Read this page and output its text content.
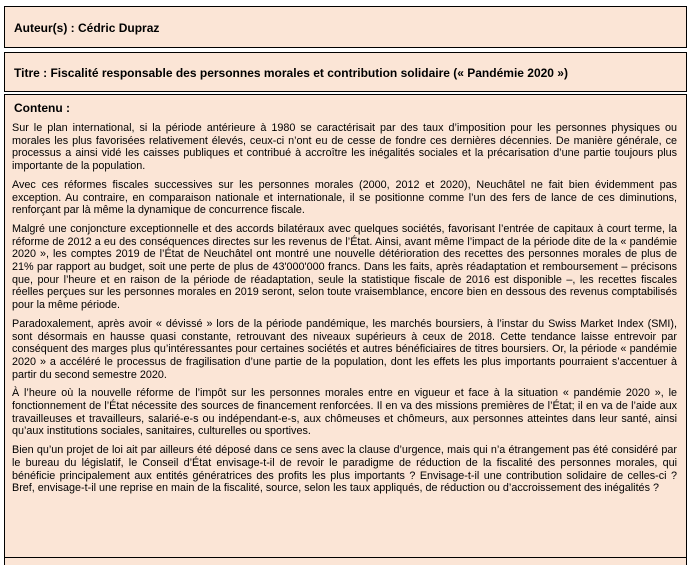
Auteur(s) : Cédric Dupraz
Titre : Fiscalité responsable des personnes morales et contribution solidaire (« Pandémie 2020 »)
Contenu :

Sur le plan international, si la période antérieure à 1980 se caractérisait par des taux d’imposition pour les personnes physiques ou morales les plus favorisées relativement élevés, ceux-ci n’ont eu de cesse de fondre ces dernières décennies. De manière générale, ce processus a ainsi vidé les caisses publiques et contribué à accroître les inégalités sociales et la précarisation d’une partie toujours plus importante de la population.

Avec ces réformes fiscales successives sur les personnes morales (2000, 2012 et 2020), Neuchâtel ne fait bien évidemment pas exception. Au contraire, en comparaison nationale et internationale, il se positionne comme l’un des fers de lance de ces diminutions, renforçant par là même la dynamique de concurrence fiscale.

Malgré une conjoncture exceptionnelle et des accords bilatéraux avec quelques sociétés, favorisant l’entrée de capitaux à court terme, la réforme de 2012 a eu des conséquences directes sur les revenus de l’État. Ainsi, avant même l’impact de la période dite de la « pandémie 2020 », les comptes 2019 de l’État de Neuchâtel ont montré une nouvelle détérioration des recettes des personnes morales de plus de 21% par rapport au budget, soit une perte de plus de 43'000'000 francs. Dans les faits, après réadaptation et remboursement – précisons que, pour l’heure et en raison de la période de réadaptation, seule la statistique fiscale de 2016 est disponible –, les recettes fiscales réelles perçues sur les personnes morales en 2019 seront, selon toute vraisemblance, encore bien en dessous des revenus comptabilisés pour la même période.

Paradoxalement, après avoir « dévissé » lors de la période pandémique, les marchés boursiers, à l’instar du Swiss Market Index (SMI), sont désormais en hausse quasi constante, retrouvant des niveaux supérieurs à ceux de 2018. Cette tendance laisse entrevoir par conséquent des marges plus qu’intéressantes pour certaines sociétés et autres bénéficiaires de titres boursiers. Or, la période « pandémie 2020 » a accéléré le processus de fragilisation d’une partie de la population, dont les effets les plus importants pourraient s’accentuer à partir du second semestre 2020.

À l’heure où la nouvelle réforme de l’impôt sur les personnes morales entre en vigueur et face à la situation « pandémie 2020 », le fonctionnement de l’État nécessite des sources de financement renforcées. Il en va des missions premières de l’État; il en va de l’aide aux travailleuses et travailleurs, salarié-e-s ou indépendant-e-s, aux chômeuses et chômeurs, aux personnes atteintes dans leur santé, ainsi qu’aux institutions sociales, sanitaires, culturelles ou sportives.

Bien qu’un projet de loi ait par ailleurs été déposé dans ce sens avec la clause d’urgence, mais qui n’a étrangement pas été considéré par le bureau du législatif, le Conseil d’État envisage-t-il de revoir le paradigme de réduction de la fiscalité des personnes morales, qui bénéficie principalement aux entités génératrices des profits les plus importants ? Envisage-t-il une contribution solidaire de celles-ci ? Bref, envisage-t-il une reprise en main de la fiscalité, source, selon les taux appliqués, de réduction ou d’accroissement des inégalités ?
